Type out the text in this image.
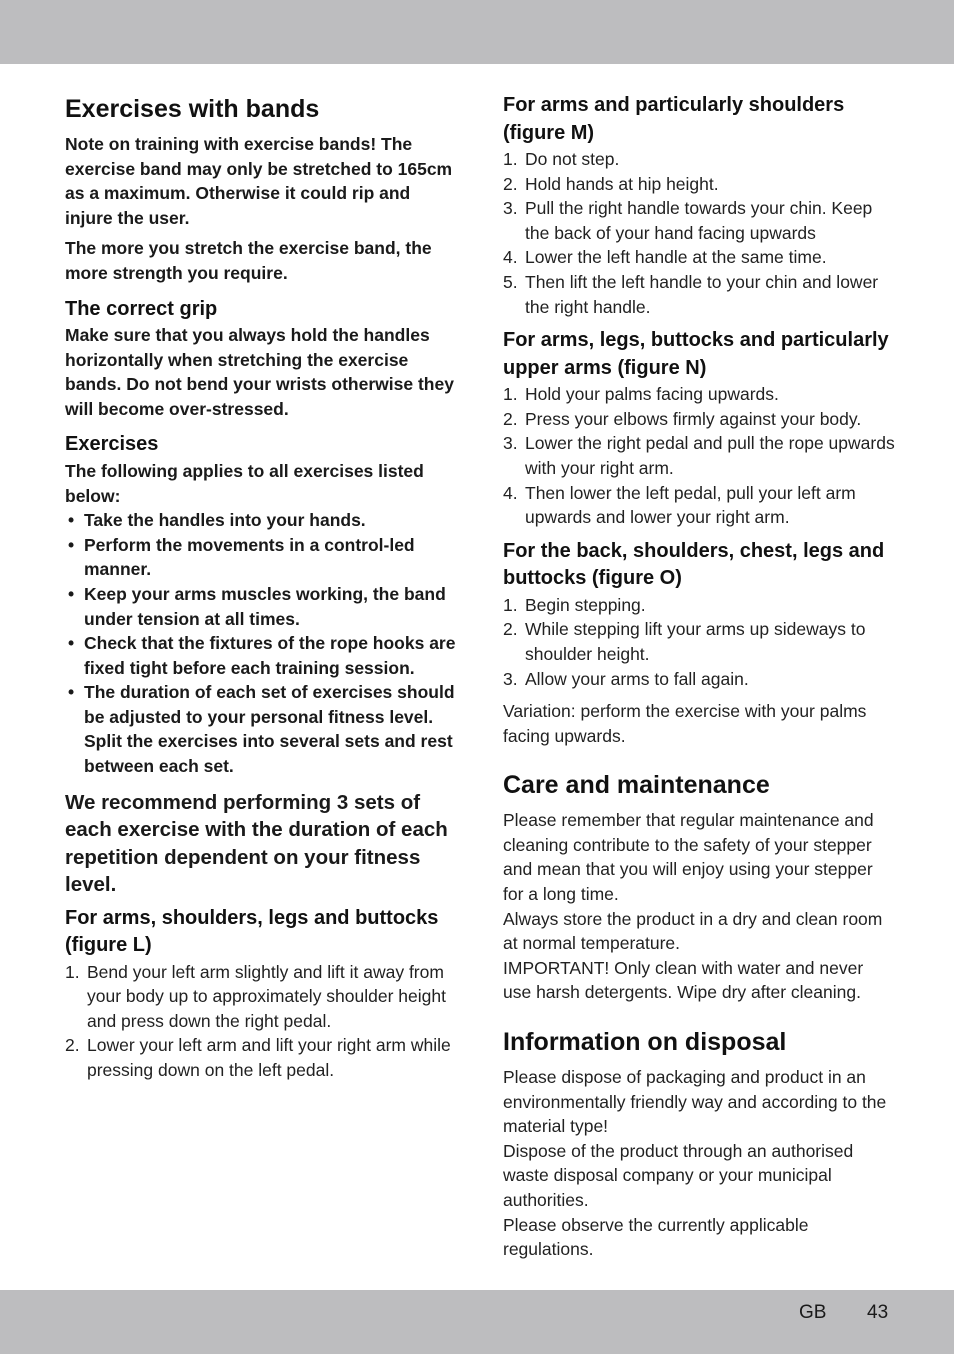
Exercises with bands

Note on training with exercise bands! The exercise band may only be stretched to 165cm as a maximum. Otherwise it could rip and injure the user.

The more you stretch the exercise band, the more strength you require.

The correct grip

Make sure that you always hold the handles horizontally when stretching the exercise bands. Do not bend your wrists otherwise they will become over-stressed.

Exercises

The following applies to all exercises listed below:

• Take the handles into your hands.
• Perform the movements in a control-led manner.
• Keep your arms muscles working, the band under tension at all times.
• Check that the fixtures of the rope hooks are fixed tight before each training session.
• The duration of each set of exercises should be adjusted to your personal fitness level. Split the exercises into several sets and rest between each set.

We recommend performing 3 sets of each exercise with the duration of each repetition dependent on your fitness level.

For arms, shoulders, legs and buttocks (figure L)
1. Bend your left arm slightly and lift it away from your body up to approximately shoulder height and press down the right pedal.
2. Lower your left arm and lift your right arm while pressing down on the left pedal.
For arms and particularly shoulders (figure M)
1. Do not step.
2. Hold hands at hip height.
3. Pull the right handle towards your chin. Keep the back of your hand facing upwards
4. Lower the left handle at the same time.
5. Then lift the left handle to your chin and lower the right handle.
For arms, legs, buttocks and particularly upper arms (figure N)
1. Hold your palms facing upwards.
2. Press your elbows firmly against your body.
3. Lower the right pedal and pull the rope upwards with your right arm.
4. Then lower the left pedal, pull your left arm upwards and lower your right arm.
For the back, shoulders, chest, legs and buttocks (figure O)
1. Begin stepping.
2. While stepping lift your arms up sideways to shoulder height.
3. Allow your arms to fall again.

Variation: perform the exercise with your palms facing upwards.

Care and maintenance

Please remember that regular maintenance and cleaning contribute to the safety of your stepper and mean that you will enjoy using your stepper for a long time.

Always store the product in a dry and clean room at normal temperature.

IMPORTANT! Only clean with water and never use harsh detergents. Wipe dry after cleaning.

Information on disposal

Please dispose of packaging and product in an environmentally friendly way and according to the material type!

Dispose of the product through an authorised waste disposal company or your municipal authorities.

Please observe the currently applicable regulations.

GB 43
